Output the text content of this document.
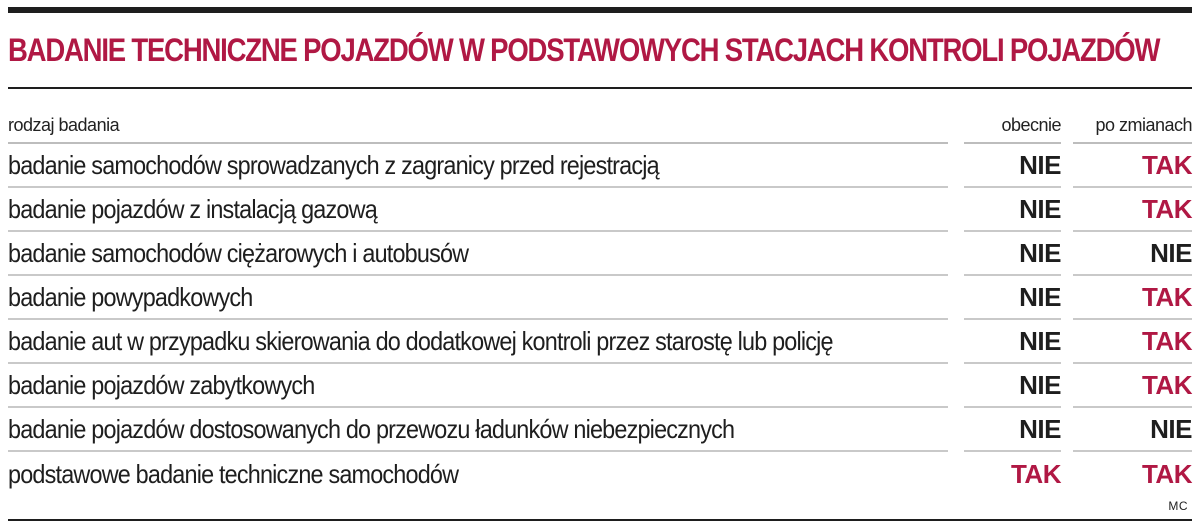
BADANIE TECHNICZNE POJAZDÓW W PODSTAWOWYCH STACJACH KONTROLI POJAZDÓW
rodzaj badania	obecnie	po zmianach
badanie samochodów sprowadzanych z zagranicy przed rejestracją	NIE	TAK
badanie pojazdów z instalacją gazową	NIE	TAK
badanie samochodów ciężarowych i autobusów	NIE	NIE
badanie powypadkowych	NIE	TAK
badanie aut w przypadku skierowania do dodatkowej kontroli przez starostę lub policję	NIE	TAK
badanie pojazdów zabytkowych	NIE	TAK
badanie pojazdów dostosowanych do przewozu ładunków niebezpiecznych	NIE	NIE
podstawowe badanie techniczne samochodów	TAK	TAK
MC
